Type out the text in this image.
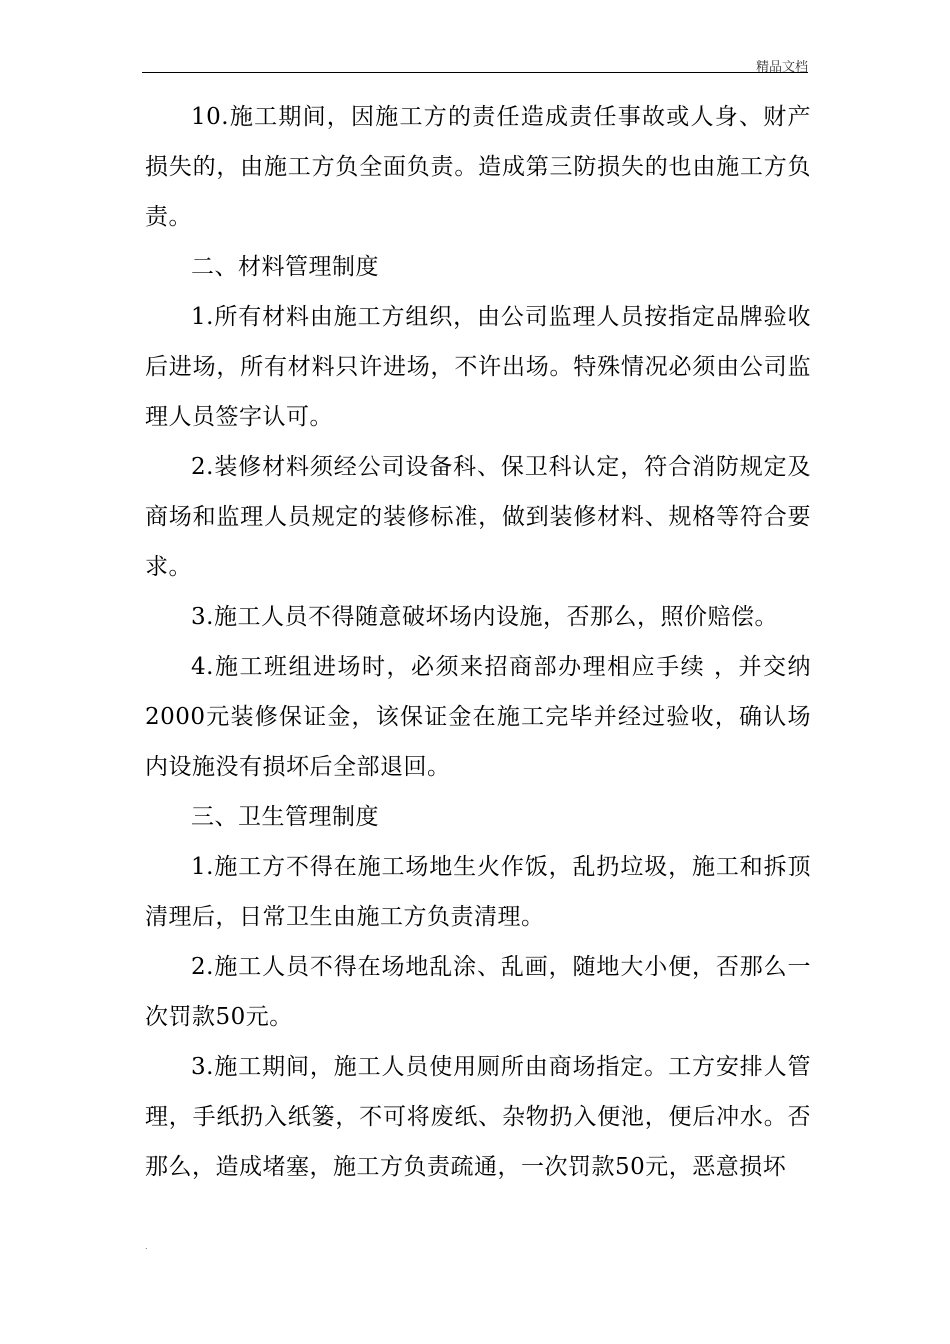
精品文档

10.施工期间，因施工方的责任造成责任事故或人身、财产损失的，由施工方负全面负责。造成第三防损失的也由施工方负责。

二、材料管理制度

1.所有材料由施工方组织，由公司监理人员按指定品牌验收后进场，所有材料只许进场，不许出场。特殊情况必须由公司监理人员签字认可。

2.装修材料须经公司设备科、保卫科认定，符合消防规定及商场和监理人员规定的装修标准，做到装修材料、规格等符合要求。

3.施工人员不得随意破坏场内设施，否那么，照价赔偿。

4.施工班组进场时，必须来招商部办理相应手续 ，并交纳2000元装修保证金，该保证金在施工完毕并经过验收，确认场内设施没有损坏后全部退回。

三、卫生管理制度

1.施工方不得在施工场地生火作饭，乱扔垃圾，施工和拆顶清理后，日常卫生由施工方负责清理。

2.施工人员不得在场地乱涂、乱画，随地大小便，否那么一次罚款50元。

3.施工期间，施工人员使用厕所由商场指定。工方安排人管理，手纸扔入纸篓，不可将废纸、杂物扔入便池，便后冲水。否那么，造成堵塞，施工方负责疏通，一次罚款50元，恶意损坏

.
